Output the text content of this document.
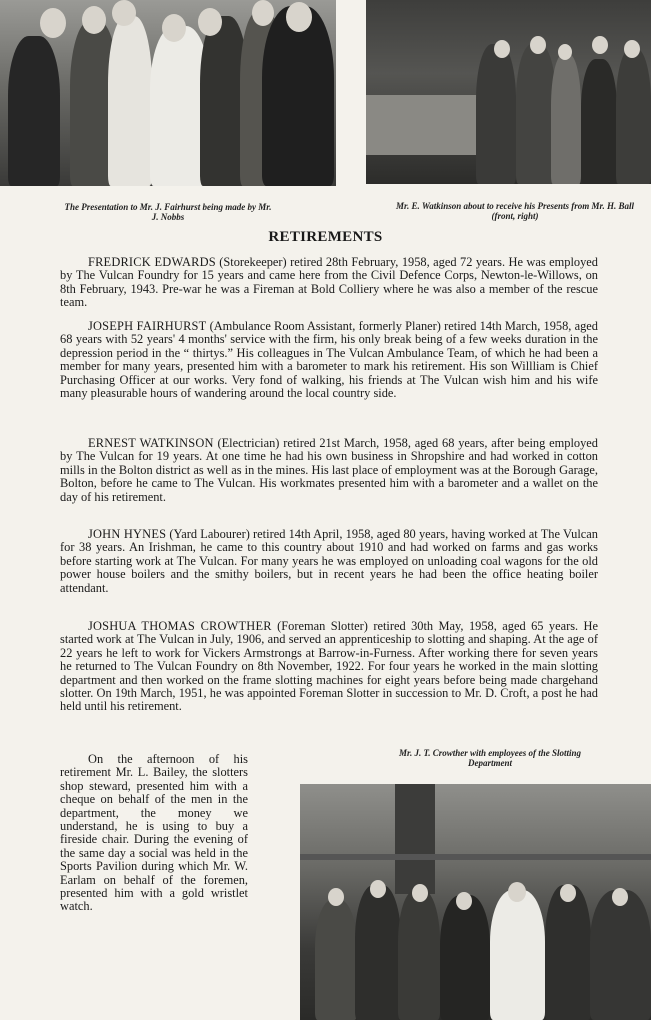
The Presentation to Mr. J. Fairhurst being made by Mr. J. Nobbs
Mr. E. Watkinson about to receive his Presents from Mr. H. Ball (front, right)
RETIREMENTS

FREDRICK EDWARDS (Storekeeper) retired 28th February, 1958, aged 72 years. He was employed by The Vulcan Foundry for 15 years and came here from the Civil Defence Corps, Newton-le-Willows, on 8th February, 1943. Pre-war he was a Fireman at Bold Colliery where he was also a member of the rescue team.

JOSEPH FAIRHURST (Ambulance Room Assistant, formerly Planer) retired 14th March, 1958, aged 68 years with 52 years' 4 months' service with the firm, his only break being of a few weeks duration in the depression period in the “ thirtys.” His colleagues in The Vulcan Ambulance Team, of which he had been a member for many years, presented him with a barometer to mark his retirement. His son Willliam is Chief Purchasing Officer at our works. Very fond of walking, his friends at The Vulcan wish him and his wife many pleasurable hours of wandering around the local country side.

ERNEST WATKINSON (Electrician) retired 21st March, 1958, aged 68 years, after being employed by The Vulcan for 19 years. At one time he had his own business in Shropshire and had worked in cotton mills in the Bolton district as well as in the mines. His last place of employment was at the Borough Garage, Bolton, before he came to The Vulcan. His workmates presented him with a barometer and a wallet on the day of his retirement.

JOHN HYNES (Yard Labourer) retired 14th April, 1958, aged 80 years, having worked at The Vulcan for 38 years. An Irishman, he came to this country about 1910 and had worked on farms and gas works before starting work at The Vulcan. For many years he was employed on unloading coal wagons for the old power house boilers and the smithy boilers, but in recent years he had been the office heating boiler attendant.

JOSHUA THOMAS CROWTHER (Foreman Slotter) retired 30th May, 1958, aged 65 years. He started work at The Vulcan in July, 1906, and served an apprenticeship to slotting and shaping. At the age of 22 years he left to work for Vickers Armstrongs at Barrow-in-Furness. After working there for seven years he returned to The Vulcan Foundry on 8th November, 1922. For four years he worked in the main slotting department and then worked on the frame slotting machines for eight years before being made chargehand slotter. On 19th March, 1951, he was appointed Foreman Slotter in succession to Mr. D. Croft, a post he had held until his retirement.

On the afternoon of his retirement Mr. L. Bailey, the slotters shop steward, presented him with a cheque on behalf of the men in the department, the money we understand, he is using to buy a fireside chair. During the evening of the same day a social was held in the Sports Pavilion during which Mr. W. Earlam on behalf of the foremen, presented him with a gold wristlet watch.

Mr. J. T. Crowther with employees of the Slotting Department
